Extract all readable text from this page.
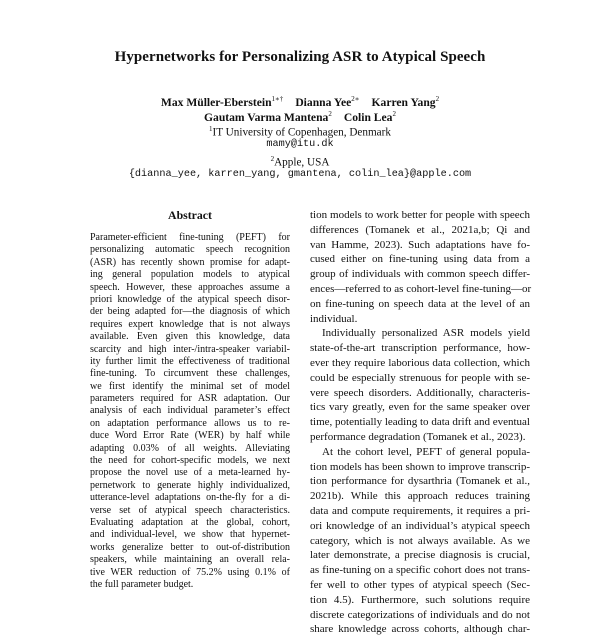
Hypernetworks for Personalizing ASR to Atypical Speech
Max Müller-Eberstein$^{1∗\dagger}$ Dianna Yee$^{2∗}$ Karren Yang$^2$
Gautam Varma Mantena$^2$ Colin Lea$^2$
$^1$IT University of Copenhagen, Denmark
mamy@itu.dk
$^2$Apple, USA
{dianna_yee, karren_yang, gmantena, colin_lea}@apple.com
Abstract
Parameter-efficient fine-tuning (PEFT) for
personalizing automatic speech recognition
(ASR) has recently shown promise for adapt-
ing general population models to atypical
speech. However, these approaches assume a
priori knowledge of the atypical speech disor-
der being adapted for—the diagnosis of which
requires expert knowledge that is not always
available. Even given this knowledge, data
scarcity and high inter-/intra-speaker variabil-
ity further limit the effectiveness of traditional
fine-tuning. To circumvent these challenges,
we first identify the minimal set of model
parameters required for ASR adaptation. Our
analysis of each individual parameter’s effect
on adaptation performance allows us to re-
duce Word Error Rate (WER) by half while
adapting 0.03% of all weights. Alleviating
the need for cohort-specific models, we next
propose the novel use of a meta-learned hy-
pernetwork to generate highly individualized,
utterance-level adaptations on-the-fly for a di-
verse set of atypical speech characteristics.
Evaluating adaptation at the global, cohort,
and individual-level, we show that hypernet-
works generalize better to out-of-distribution
speakers, while maintaining an overall rela-
tive WER reduction of 75.2% using 0.1% of
the full parameter budget.
tion models to work better for people with speech
differences (Tomanek et al., 2021a,b; Qi and
van Hamme, 2023). Such adaptations have fo-
cused either on fine-tuning using data from a
group of individuals with common speech differ-
ences—referred to as cohort-level fine-tuning—or
on fine-tuning on speech data at the level of an
individual.
Individually personalized ASR models yield
state-of-the-art transcription performance, how-
ever they require laborious data collection, which
could be especially strenuous for people with se-
vere speech disorders. Additionally, characteris-
tics vary greatly, even for the same speaker over
time, potentially leading to data drift and eventual
performance degradation (Tomanek et al., 2023).
At the cohort level, PEFT of general popula-
tion models has been shown to improve transcrip-
tion performance for dysarthria (Tomanek et al.,
2021b). While this approach reduces training
data and compute requirements, it requires a pri-
ori knowledge of an individual’s atypical speech
category, which is not always available. As we
later demonstrate, a precise diagnosis is crucial,
as fine-tuning on a specific cohort does not trans-
fer well to other types of atypical speech (Sec-
tion 4.5). Furthermore, such solutions require
discrete categorizations of individuals and do not
share knowledge across cohorts, although char-
